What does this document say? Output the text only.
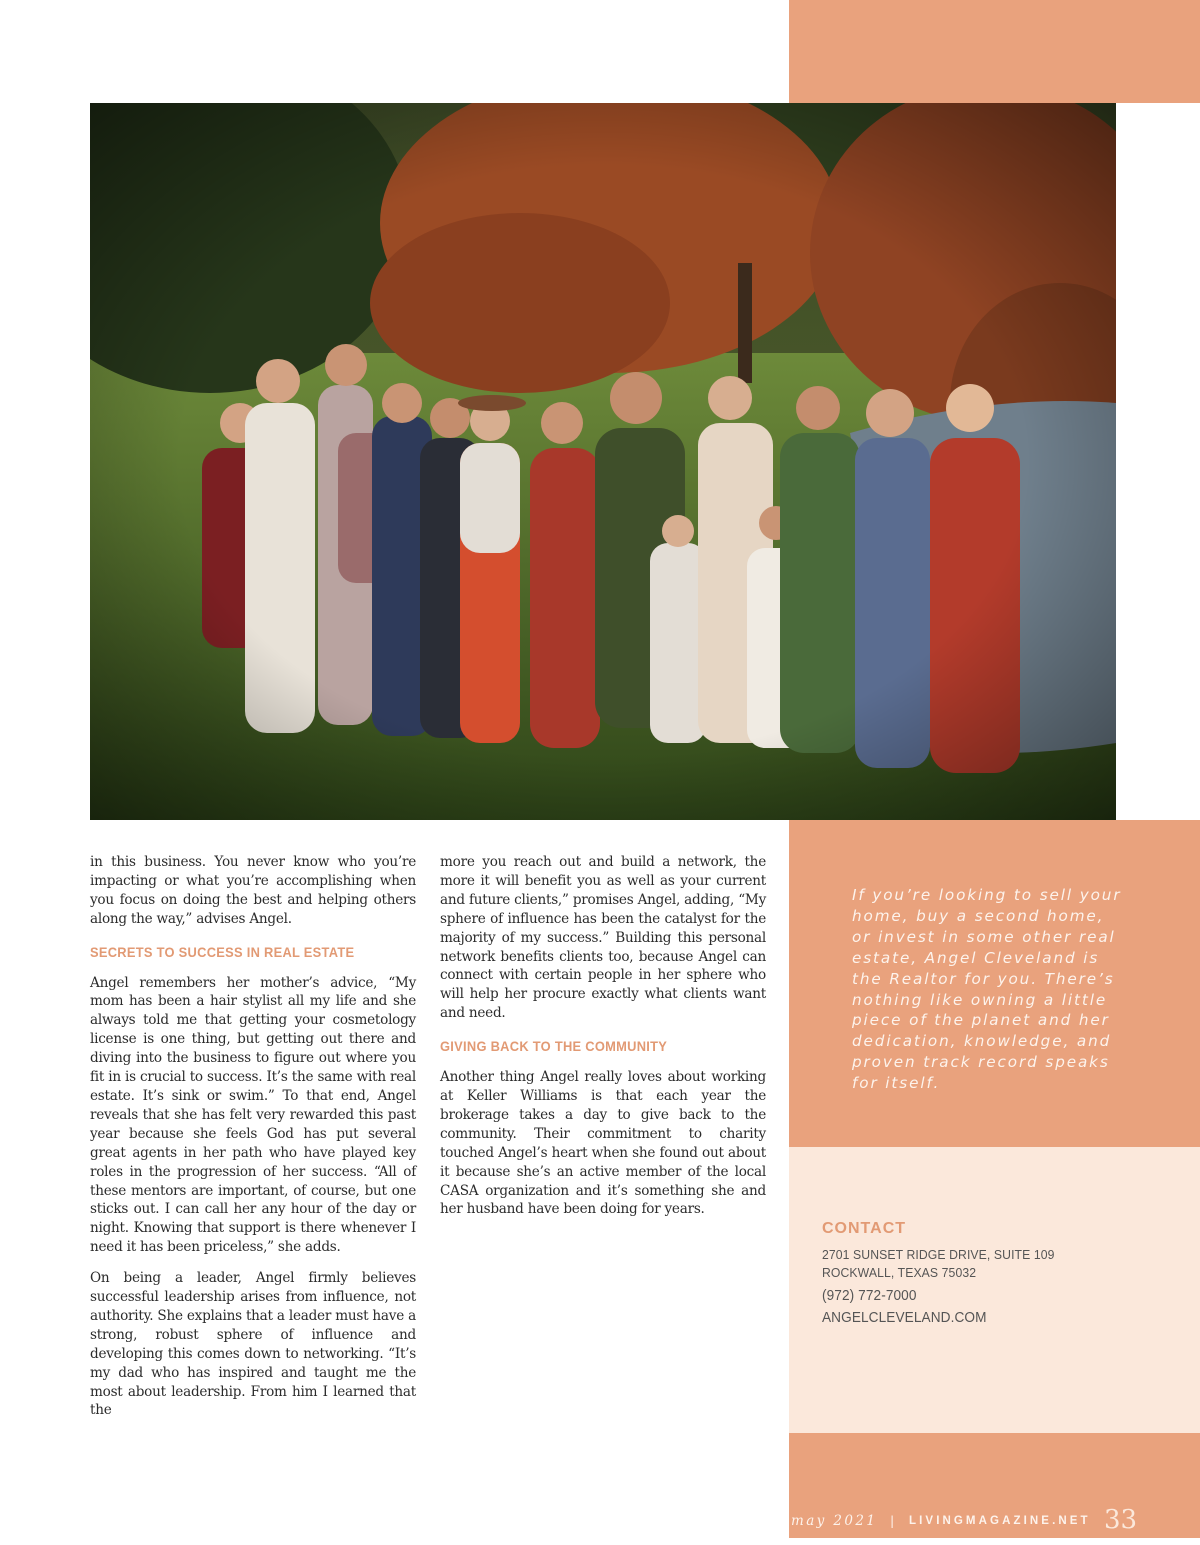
in this business. You never know who you’re impacting or what you’re accomplishing when you focus on doing the best and helping others along the way,” advises Angel.

SECRETS TO SUCCESS IN REAL ESTATE

Angel remembers her mother’s advice, “My mom has been a hair stylist all my life and she always told me that getting your cosmetology license is one thing, but getting out there and diving into the business to figure out where you fit in is crucial to success. It’s the same with real estate. It’s sink or swim.” To that end, Angel reveals that she has felt very rewarded this past year because she feels God has put several great agents in her path who have played key roles in the progression of her success. “All of these mentors are important, of course, but one sticks out. I can call her any hour of the day or night. Knowing that support is there whenever I need it has been priceless,” she adds.

On being a leader, Angel firmly believes successful leadership arises from influence, not authority. She explains that a leader must have a strong, robust sphere of influence and developing this comes down to networking. “It’s my dad who has inspired and taught me the most about leadership. From him I learned that the

more you reach out and build a network, the more it will benefit you as well as your current and future clients,” promises Angel, adding, “My sphere of influence has been the catalyst for the majority of my success.” Building this personal network benefits clients too, because Angel can connect with certain people in her sphere who will help her procure exactly what clients want and need.

GIVING BACK TO THE COMMUNITY

Another thing Angel really loves about working at Keller Williams is that each year the brokerage takes a day to give back to the community. Their commitment to charity touched Angel’s heart when she found out about it because she’s an active member of the local CASA organization and it’s something she and her husband have been doing for years.

If you’re looking to sell your home, buy a second home, or invest in some other real estate, Angel Cleveland is the Realtor for you. There’s nothing like owning a little piece of the planet and her dedication, knowledge, and proven track record speaks for itself.

CONTACT
2701 SUNSET RIDGE DRIVE, SUITE 109
ROCKWALL, TEXAS 75032
(972) 772-7000
ANGELCLEVELAND.COM
may 2021 | LIVINGMAGAZINE.NET 33
